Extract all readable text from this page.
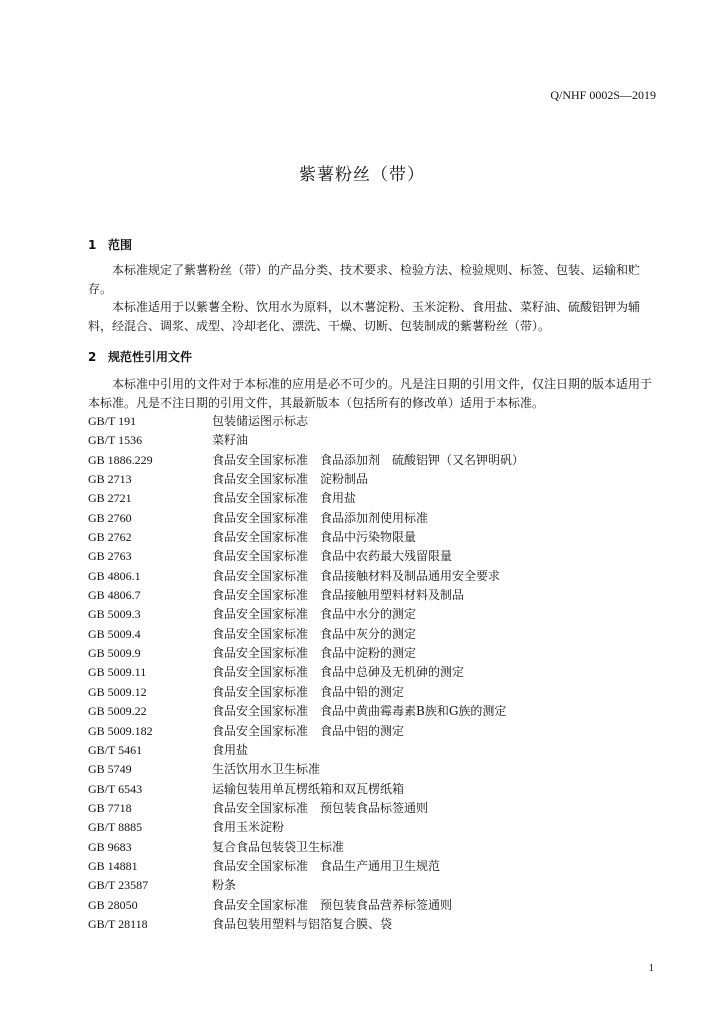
Q/NHF 0002S—2019
紫薯粉丝（带）
1 范围

本标准规定了紫薯粉丝（带）的产品分类、技术要求、检验方法、检验规则、标签、包装、运输和贮存。

本标准适用于以紫薯全粉、饮用水为原料，以木薯淀粉、玉米淀粉、食用盐、菜籽油、硫酸铝钾为辅料，经混合、调浆、成型、冷却老化、漂洗、干燥、切断、包装制成的紫薯粉丝（带）。

2 规范性引用文件

本标准中引用的文件对于本标准的应用是必不可少的。凡是注日期的引用文件，仅注日期的版本适用于本标准。凡是不注日期的引用文件，其最新版本（包括所有的修改单）适用于本标准。

GB/T 191	包装储运图示标志
GB/T 1536	菜籽油
GB 1886.229	食品安全国家标准　食品添加剂　硫酸铝钾（又名钾明矾）
GB 2713	食品安全国家标准　淀粉制品
GB 2721	食品安全国家标准　食用盐
GB 2760	食品安全国家标准　食品添加剂使用标准
GB 2762	食品安全国家标准　食品中污染物限量
GB 2763	食品安全国家标准　食品中农药最大残留限量
GB 4806.1	食品安全国家标准　食品接触材料及制品通用安全要求
GB 4806.7	食品安全国家标准　食品接触用塑料材料及制品
GB 5009.3	食品安全国家标准　食品中水分的测定
GB 5009.4	食品安全国家标准　食品中灰分的测定
GB 5009.9	食品安全国家标准　食品中淀粉的测定
GB 5009.11	食品安全国家标准　食品中总砷及无机砷的测定
GB 5009.12	食品安全国家标准　食品中铅的测定
GB 5009.22	食品安全国家标准　食品中黄曲霉毒素B族和G族的测定
GB 5009.182	食品安全国家标准　食品中铝的测定
GB/T 5461	食用盐
GB 5749	生活饮用水卫生标准
GB/T 6543	运输包装用单瓦楞纸箱和双瓦楞纸箱
GB 7718	食品安全国家标准　预包装食品标签通则
GB/T 8885	食用玉米淀粉
GB 9683	复合食品包装袋卫生标准
GB 14881	食品安全国家标准　食品生产通用卫生规范
GB/T 23587	粉条
GB 28050	食品安全国家标准　预包装食品营养标签通则
GB/T 28118	食品包装用塑料与铝箔复合膜、袋
1
